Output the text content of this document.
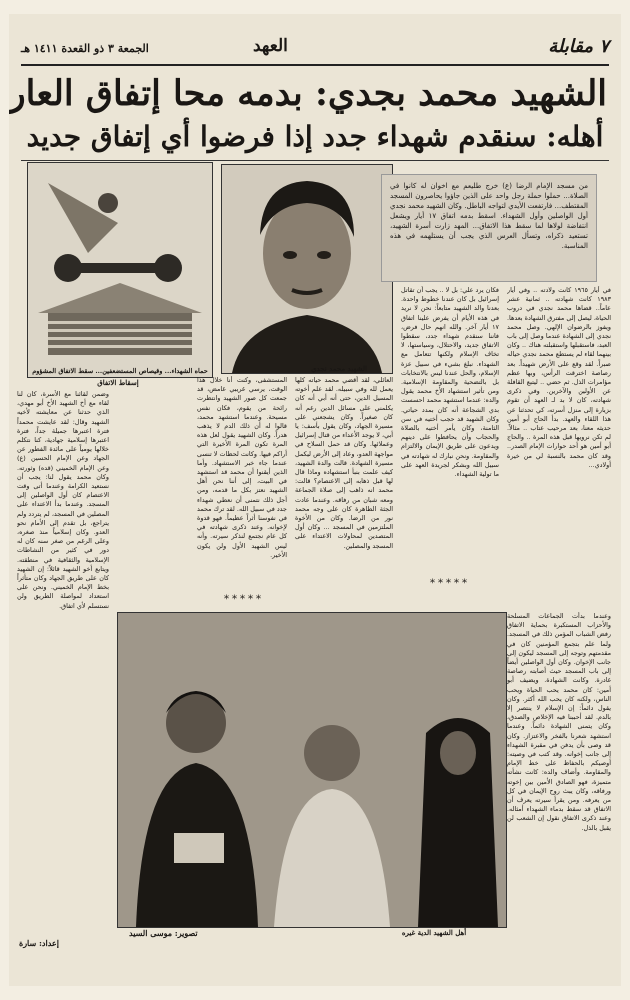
٧ مقابلة
العهد
الجمعة ٣ ذو القعدة ١٤١١ هـ
الشهيد محمد بجدي: بدمه محا إتفاق العار
أهله: سنقدم شهداء جدد إذا فرضوا أي إتفاق جديد
حماه الشهداء... وقيصاص المستضعفين... سقط الاتفاق المشؤوم
إسقاط الاتفاق
الشهيد محمد نجدي
من مسجد الإمام الرضا (ع) خرج طليعم مع اخوان له كانوا في الصلاة... حملوا حملة رجل واحد على الذين جاؤوا يحاصرون المسجد المقتطف... فارتفعت الأيدي لتواجه الباطل. وكان الشهيد محمد نجدي أول الواصلين وأول الشهداء. اسقط بدمه اتفاق ١٧ أيار ويشعل انتفاضة لولاها لما سقط هذا الاتفاق... المهد زارت أسرة الشهيد، تستعيد ذكراه، وتسأل العرس الذي يجب أن يستلهمه في هذه المناسبة.
في أيار ١٩٦٥ كانت ولادته .. وفي أيار ١٩٨٣ كانت شهادته .. ثمانية عشر عاماً.. قضاها محمد نجدي في دروب الحياة، ليصل إلى مفترق الشهادة بعدها. ويفوز بالرضوان الإلهي. وصل محمد نجدي إلى الشهادة عندما وصل إلى باب العبد، فاستقبلها واستقبلته هناك .. وكان بينهما لقاء لم يستطع محمد نجدي حياله صبراً. لقد وقع على الأرض شهيداً. بعد رصاصة اخترقت الرأس، وبها عظم مؤامرات الذل. ثم حضي .. ليتبع القافلة عن الأولين والآخرين. وفي ذكرى شهادته، كان لا بد لـ العهد أن تقوم بزيارة إلى منزل أسرته، كي تحدثنا عن هذا اللقاء والعهد. بدأ الحاج أبو أمين حديثه معنا، بعد مرحيب عتاب .. مثالاً. لم تكن نرويها قبل هذه المرة .. والحاج أبو أمين هو أحد حوارات الإمام الصدر.. وقد كان محمد بالنسبة لي من خيرة أولادي...
فكان يرد علي: بل لا .. يجب أن تقاتل إسرائيل بل كان عندنا خطوط واحدة. بعدنا والد الشهيد متابعاً: نحن لا نريد في هذه الأيام أن يفرض علينا اتفاق ١٧ أيار آخر. والله انهم حال فرض، فاننا سنقدم شهداء جدد، سقطوا الاتفاق جديد، والاحتلال، وسياستها، لا تخاف الإسلام ولكنها تتعامل مع الشهداء. نبلغ بشيء في سبيل عزة الإسلام، والحل عندنا ليس بالانتخابات بل بالتضحية والمقاومة الإسلامية. ومن تأثير استشهاد الأخ محمد يقول والده: عندما استشهد محمد احسست بدي الشجاعة أنه كان بمدد حياتي. وكان الشهيد قد حجب أختيه في سن الثامنة، وكان يأمر أختيه بالصلاة والحجاب وأن يحافظوا على دينهم ويدعون على طريق الإيمان والالتزام والمقاومة. ونحن نبارك له شهادته في سبيل الله وبشكر لجريدة العهد على ما تولية الشهداء.
العائلي، لقد أقضي محمد حياته كلها يعمل لله وفي سبيله. لقد علم أخوته المسيل الدين، حتى أنه أبي أنه كان يكلمني على مسائل الدين رغم أنه كان صغيراً. وكان يشجعني على مسيرة الجهاد، وكان يقول بأسف: يا أبي، لا يوجد الأعداء من قتال إسرائيل وعملائها. وكان قد حمل السلاح في مواجهة العدو، وعاد إلى الأرض ليكمل مسيرة الشهادة. قالت والدة الشهيد، كيف علمت بنبأ استشهاده وماذا قال لها قبل ذهابه إلى الاعتصام؟ قالت: محمد انه ذاهب إلى صلاة الجماعة ومعه شبان من رفاقه. وعندما عادت الجثة الطاهرة كان على وجه محمد نور من الرضا. وكان من الأخوة الملتزمين في المسجد ... وكان أول المتصدين لمحاولات الاعتداء على المسجد والمصلين.
المستشفى، وكنت أنا خلال هذا الوقت، يرسي غريبي غامض، قد جمعت كل صور الشهيد وانتظرت رائحة من يقوم، فكان نفس مسيحة. وعندما استشهد محمد، قالوا له أن ذلك الدم لا يذهب هدراً. وكان الشهيد يقول لعل هذه المرة تكون المرة الأخيرة التي أراكم فيها. وكانت لحظات لا تنسى عندما جاء خبر الاستشهاد. وأما الذين أيقنوا أن محمد قد استشهد في البيت، إلى أننا نحن أهل الشهيد نعتز بكل ما قدمه، ومن أجل ذلك نتمنى أن نعطي شهداء جدد في سبيل الله. لقد ترك محمد في نفوسنا أثراً عظيماً. فهو قدوة لإخوانه. وعند ذكرى شهادته في كل عام نجتمع لنذكر سيرته. وأنه ليس الشهيد الأول ولن يكون الأخير.
وضمن لقائنا مع الأسرة، كان لنا لقاء مع أخ الشهيد الأخ أبو مهدي، الذي حدثنا عن معايشته لأخيه الشهيد وقال: لقد عايشت محمداً فترة اعتبرها جميلة جداً، فترة اعتبرها إسلامية جهادية، كنا نتكلم خلالها يومياً على مائدة الفطور عن الجهاد وعن الإمام الحسين (ع) وعن الإمام الخميني (قده) وثورته. وكان محمد يقول لنا: يجب أن نستعيد الكرامة وعندما أتى وقت الاعتصام كان أول الواصلين إلى المسجد. وعندما بدأ الاعتداء على المصلين في المسجد، لم يتردد ولم يتراجع، بل تقدم إلى الأمام نحو العدو. وكان إسلامياً منذ صغره، وعلى الرغم من صغر سنه كان له دور في كثير من النشاطات الإسلامية والثقافية في منطقته. ويتابع أخو الشهيد قائلاً: إن الشهيد كان على طريق الجهاد وكان متأثراً بخط الإمام الخميني. ونحن على استعداد لمواصلة الطريق ولن نستسلم لأي اتفاق.
وعندما بدأت الجماعات المسلحة والأحزاب المستكبرة بحماية الاتفاق رفض الشباب المؤمن ذلك في المسجد. ولما علم بتجمع المؤمنين كان في مقدمتهم وتوجه إلى المسجد ليكون إلى جانب الإخوان. وكان أول الواصلين أيضاً إلى باب المسجد حيث أصابته رصاصة غادرة. وكانت الشهادة. ويضيف أبو أمين: كان محمد يحب الحياة ويحب الناس، ولكنه كان يحب الله أكثر. وكان يقول دائماً: إن الإسلام لا ينتصر إلا بالدم. لقد أحببنا فيه الإخلاص والصدق، وكان يتمنى الشهادة دائماً. وعندما استشهد شعرنا بالفخر والاعتزاز. وكان قد وصى بأن يدفن في مقبرة الشهداء إلى جانب إخوانه. وقد كتب في وصيته: أوصيكم بالحفاظ على خط الإمام والمقاومة. وأضاف والده: كانت نشأته متميزة، فهو الصادق الأمين بين إخوته ورفاقه، وكان يبث روح الإيمان في كل من يعرفه. ومن يقرأ سيرته يعرف أن الاتفاق قد سقط بدماء الشهداء أمثاله. وعند ذكرى الاتفاق نقول إن الشعب لن يقبل بالذل.
*****
*****
أهل الشهيد الدية غيره
تصوير: موسى السيد
إعداد: سارة
